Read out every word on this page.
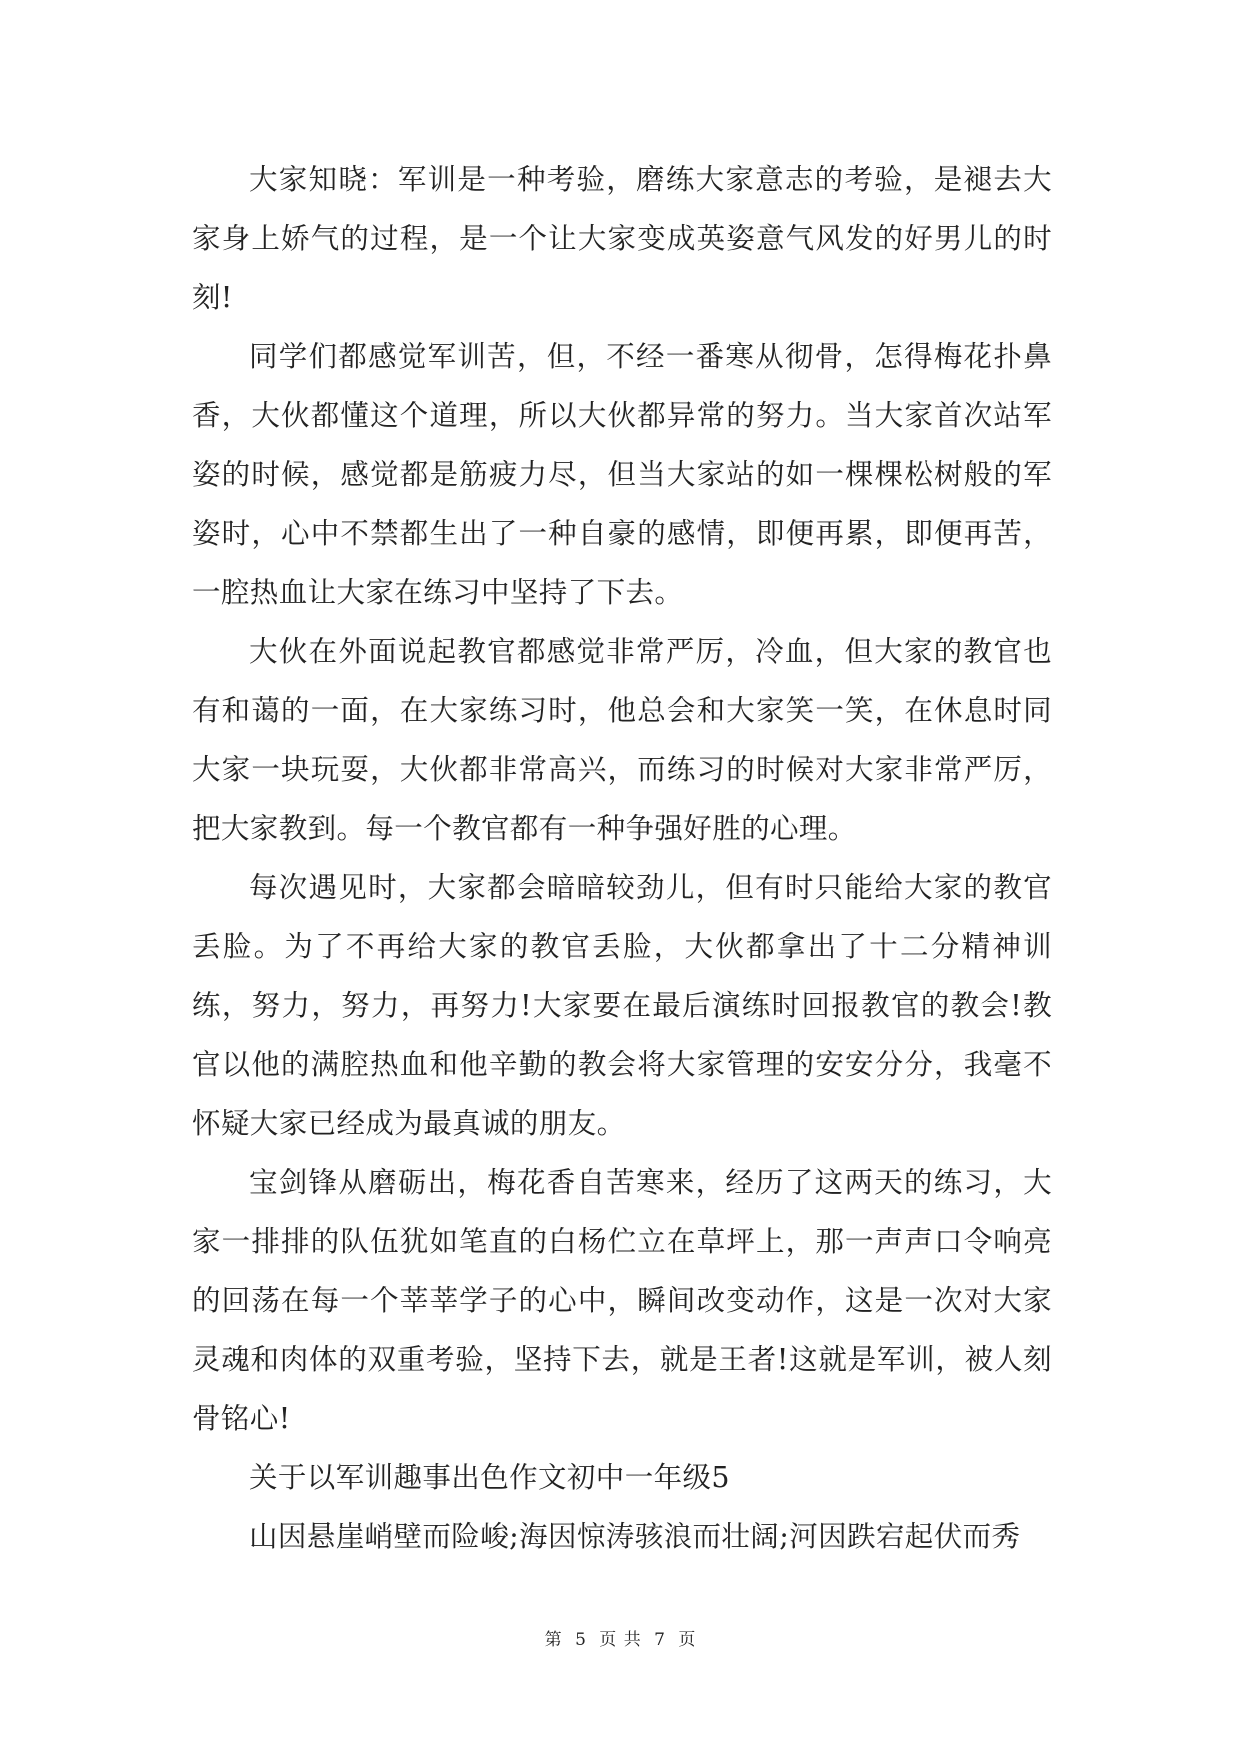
大家知晓：军训是一种考验，磨练大家意志的考验，是褪去大家身上娇气的过程，是一个让大家变成英姿意气风发的好男儿的时刻!

同学们都感觉军训苦，但，不经一番寒从彻骨，怎得梅花扑鼻香，大伙都懂这个道理，所以大伙都异常的努力。当大家首次站军姿的时候，感觉都是筋疲力尽，但当大家站的如一棵棵松树般的军姿时，心中不禁都生出了一种自豪的感情，即便再累，即便再苦，一腔热血让大家在练习中坚持了下去。

大伙在外面说起教官都感觉非常严厉，冷血，但大家的教官也有和蔼的一面，在大家练习时，他总会和大家笑一笑，在休息时同大家一块玩耍，大伙都非常高兴，而练习的时候对大家非常严厉，把大家教到。每一个教官都有一种争强好胜的心理。

每次遇见时，大家都会暗暗较劲儿，但有时只能给大家的教官丢脸。为了不再给大家的教官丢脸，大伙都拿出了十二分精神训练，努力，努力，再努力!大家要在最后演练时回报教官的教会!教官以他的满腔热血和他辛勤的教会将大家管理的安安分分，我毫不怀疑大家已经成为最真诚的朋友。

宝剑锋从磨砺出，梅花香自苦寒来，经历了这两天的练习，大家一排排的队伍犹如笔直的白杨伫立在草坪上，那一声声口令响亮的回荡在每一个莘莘学子的心中，瞬间改变动作，这是一次对大家灵魂和肉体的双重考验，坚持下去，就是王者!这就是军训，被人刻骨铭心!

关于以军训趣事出色作文初中一年级5

山因悬崖峭壁而险峻;海因惊涛骇浪而壮阔;河因跌宕起伏而秀

第 5 页 共 7 页
